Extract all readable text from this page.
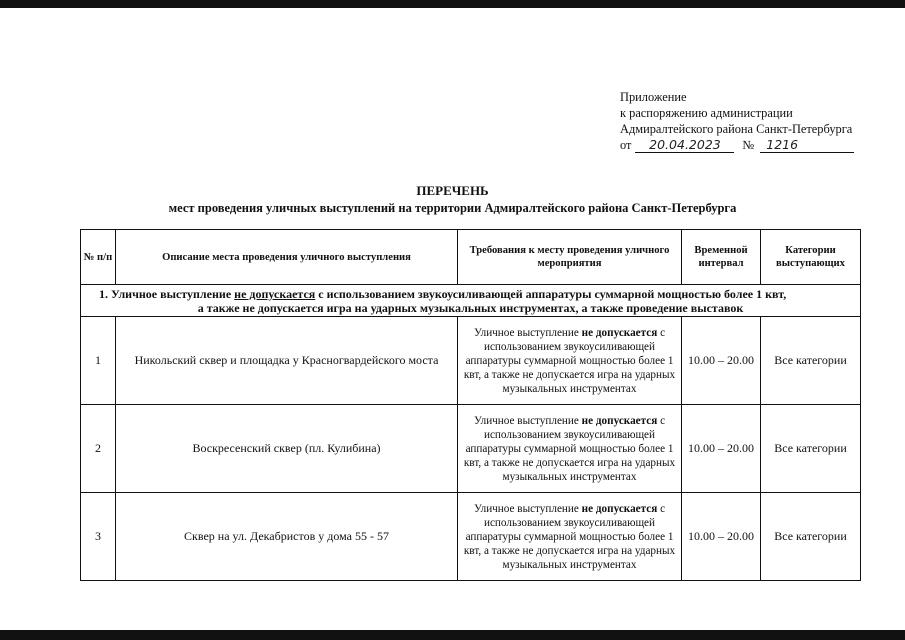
Приложение
к распоряжению администрации
Адмиралтейского района Санкт-Петербурга
от	20.04.2023	№ 1216
ПЕРЕЧЕНЬ
мест проведения уличных выступлений на территории Адмиралтейского района Санкт-Петербурга
№ п/п	Описание места проведения уличного выступления	Требования к месту проведения уличного мероприятия	Временной интервал	Категории выступающих

1. Уличное выступление не допускается с использованием звукоусиливающей аппаратуры суммарной мощностью более 1 квт,
а также не допускается игра на ударных музыкальных инструментах, а также проведение выставок				

1	Никольский сквер и площадка у Красногвардейского моста	Уличное выступление не допускается с использованием звукоусиливающей аппаратуры суммарной мощностью более 1 квт, а также не допускается игра на ударных музыкальных инструментах	10.00 – 20.00	Все категории
2	Воскресенский сквер (пл. Кулибина)	Уличное выступление не допускается с использованием звукоусиливающей аппаратуры суммарной мощностью более 1 квт, а также не допускается игра на ударных музыкальных инструментах	10.00 – 20.00	Все категории
3	Сквер на ул. Декабристов у дома 55 - 57	Уличное выступление не допускается с использованием звукоусиливающей аппаратуры суммарной мощностью более 1 квт, а также не допускается игра на ударных музыкальных инструментах	10.00 – 20.00	Все категории
